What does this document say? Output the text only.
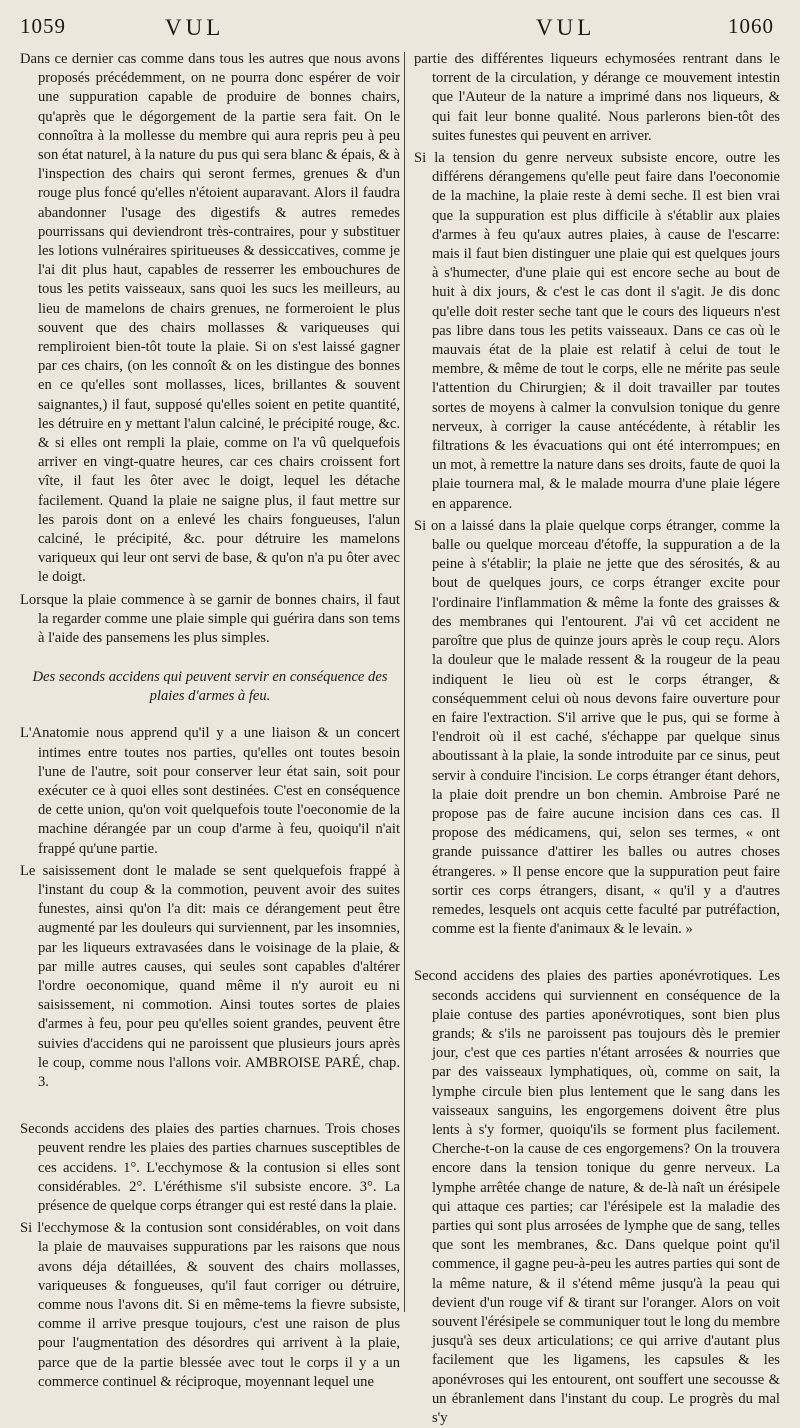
1059	VUL	VUL	1060

Dans ce dernier cas comme dans tous les autres que nous avons proposés précédemment, on ne pourra donc espérer de voir une suppuration capable de produire de bonnes chairs, qu'après que le dégorgement de la partie sera fait. On le connoîtra à la mollesse du membre qui aura repris peu à peu son état naturel, à la nature du pus qui sera blanc & épais, & à l'inspection des chairs qui seront fermes, grenues & d'un rouge plus foncé qu'elles n'étoient auparavant. Alors il faudra abandonner l'usage des digestifs & autres remedes pourrissans qui deviendront très-contraires, pour y substituer les lotions vulnéraires spiritueuses & dessiccatives, comme je l'ai dit plus haut, capables de resserrer les embouchures de tous les petits vaisseaux, sans quoi les sucs les meilleurs, au lieu de mamelons de chairs grenues, ne formeroient le plus souvent que des chairs mollasses & variqueuses qui rempliroient bien-tôt toute la plaie. Si on s'est laissé gagner par ces chairs, (on les connoît & on les distingue des bonnes en ce qu'elles sont mollasses, lices, brillantes & souvent saignantes,) il faut, supposé qu'elles soient en petite quantité, les détruire en y mettant l'alun calciné, le précipité rouge, &c. & si elles ont rempli la plaie, comme on l'a vû quelquefois arriver en vingt-quatre heures, car ces chairs croissent fort vîte, il faut les ôter avec le doigt, lequel les détache facilement. Quand la plaie ne saigne plus, il faut mettre sur les parois dont on a enlevé les chairs fongueuses, l'alun calciné, le précipité, &c. pour détruire les mamelons variqueux qui leur ont servi de base, & qu'on n'a pu ôter avec le doigt.

Lorsque la plaie commence à se garnir de bonnes chairs, il faut la regarder comme une plaie simple qui guérira dans son tems à l'aide des pansemens les plus simples.

Des seconds accidens qui peuvent servir en conséquence des plaies d'armes à feu.

L'Anatomie nous apprend qu'il y a une liaison & un concert intimes entre toutes nos parties, qu'elles ont toutes besoin l'une de l'autre, soit pour conserver leur état sain, soit pour exécuter ce à quoi elles sont destinées. C'est en conséquence de cette union, qu'on voit quelquefois toute l'oeconomie de la machine dérangée par un coup d'arme à feu, quoiqu'il n'ait frappé qu'une partie.

Le saisissement dont le malade se sent quelquefois frappé à l'instant du coup & la commotion, peuvent avoir des suites funestes, ainsi qu'on l'a dit: mais ce dérangement peut être augmenté par les douleurs qui surviennent, par les insomnies, par les liqueurs extravasées dans le voisinage de la plaie, & par mille autres causes, qui seules sont capables d'altérer l'ordre oeconomique, quand même il n'y auroit eu ni saisissement, ni commotion. Ainsi toutes sortes de plaies d'armes à feu, pour peu qu'elles soient grandes, peuvent être suivies d'accidens qui ne paroissent que plusieurs jours après le coup, comme nous l'allons voir. AMBROISE PARÉ, chap. 3.

Seconds accidens des plaies des parties charnues. Trois choses peuvent rendre les plaies des parties charnues susceptibles de ces accidens. 1°. L'ecchymose & la contusion si elles sont considérables. 2°. L'éréthisme s'il subsiste encore. 3°. La présence de quelque corps étranger qui est resté dans la plaie.

Si l'ecchymose & la contusion sont considérables, on voit dans la plaie de mauvaises suppurations par les raisons que nous avons déja détaillées, & souvent des chairs mollasses, variqueuses & fongueuses, qu'il faut corriger ou détruire, comme nous l'avons dit. Si en même-tems la fievre subsiste, comme il arrive presque toujours, c'est une raison de plus pour l'augmentation des désordres qui arrivent à la plaie, parce que de la partie blessée avec tout le corps il y a un commerce continuel & réciproque, moyennant lequel une

partie des différentes liqueurs echymosées rentrant dans le torrent de la circulation, y dérange ce mouvement intestin que l'Auteur de la nature a imprimé dans nos liqueurs, & qui fait leur bonne qualité. Nous parlerons bien-tôt des suites funestes qui peuvent en arriver.

Si la tension du genre nerveux subsiste encore, outre les différens dérangemens qu'elle peut faire dans l'oeconomie de la machine, la plaie reste à demi seche. Il est bien vrai que la suppuration est plus difficile à s'établir aux plaies d'armes à feu qu'aux autres plaies, à cause de l'escarre: mais il faut bien distinguer une plaie qui est quelques jours à s'humecter, d'une plaie qui est encore seche au bout de huit à dix jours, & c'est le cas dont il s'agit. Je dis donc qu'elle doit rester seche tant que le cours des liqueurs n'est pas libre dans tous les petits vaisseaux. Dans ce cas où le mauvais état de la plaie est relatif à celui de tout le membre, & même de tout le corps, elle ne mérite pas seule l'attention du Chirurgien; & il doit travailler par toutes sortes de moyens à calmer la convulsion tonique du genre nerveux, à corriger la cause antécédente, à rétablir les filtrations & les évacuations qui ont été interrompues; en un mot, à remettre la nature dans ses droits, faute de quoi la plaie tournera mal, & le malade mourra d'une plaie légere en apparence.

Si on a laissé dans la plaie quelque corps étranger, comme la balle ou quelque morceau d'étoffe, la suppuration a de la peine à s'établir; la plaie ne jette que des sérosités, & au bout de quelques jours, ce corps étranger excite pour l'ordinaire l'inflammation & même la fonte des graisses & des membranes qui l'entourent. J'ai vû cet accident ne paroître que plus de quinze jours après le coup reçu. Alors la douleur que le malade ressent & la rougeur de la peau indiquent le lieu où est le corps étranger, & conséquemment celui où nous devons faire ouverture pour en faire l'extraction. S'il arrive que le pus, qui se forme à l'endroit où il est caché, s'échappe par quelque sinus aboutissant à la plaie, la sonde introduite par ce sinus, peut servir à conduire l'incision. Le corps étranger étant dehors, la plaie doit prendre un bon chemin. Ambroise Paré ne propose pas de faire aucune incision dans ces cas. Il propose des médicamens, qui, selon ses termes, « ont grande puissance d'attirer les balles ou autres choses étrangeres. » Il pense encore que la suppuration peut faire sortir ces corps étrangers, disant, « qu'il y a d'autres remedes, lesquels ont acquis cette faculté par putréfaction, comme est la fiente d'animaux & le levain. »

Second accidens des plaies des parties aponévrotiques. Les seconds accidens qui surviennent en conséquence de la plaie contuse des parties aponévrotiques, sont bien plus grands; & s'ils ne paroissent pas toujours dès le premier jour, c'est que ces parties n'étant arrosées & nourries que par des vaisseaux lymphatiques, où, comme on sait, la lymphe circule bien plus lentement que le sang dans les vaisseaux sanguins, les engorgemens doivent être plus lents à s'y former, quoiqu'ils se forment plus facilement. Cherche-t-on la cause de ces engorgemens? On la trouvera encore dans la tension tonique du genre nerveux. La lymphe arrêtée change de nature, & de-là naît un érésipele qui attaque ces parties; car l'érésipele est la maladie des parties qui sont plus arrosées de lymphe que de sang, telles que sont les membranes, &c. Dans quelque point qu'il commence, il gagne peu-à-peu les autres parties qui sont de la même nature, & il s'étend même jusqu'à la peau qui devient d'un rouge vif & tirant sur l'oranger. Alors on voit souvent l'érésipele se communiquer tout le long du membre jusqu'à ses deux articulations; ce qui arrive d'autant plus facilement que les ligamens, les capsules & les aponévroses qui les entourent, ont souffert une secousse & un ébranlement dans l'instant du coup. Le progrès du mal s'y
